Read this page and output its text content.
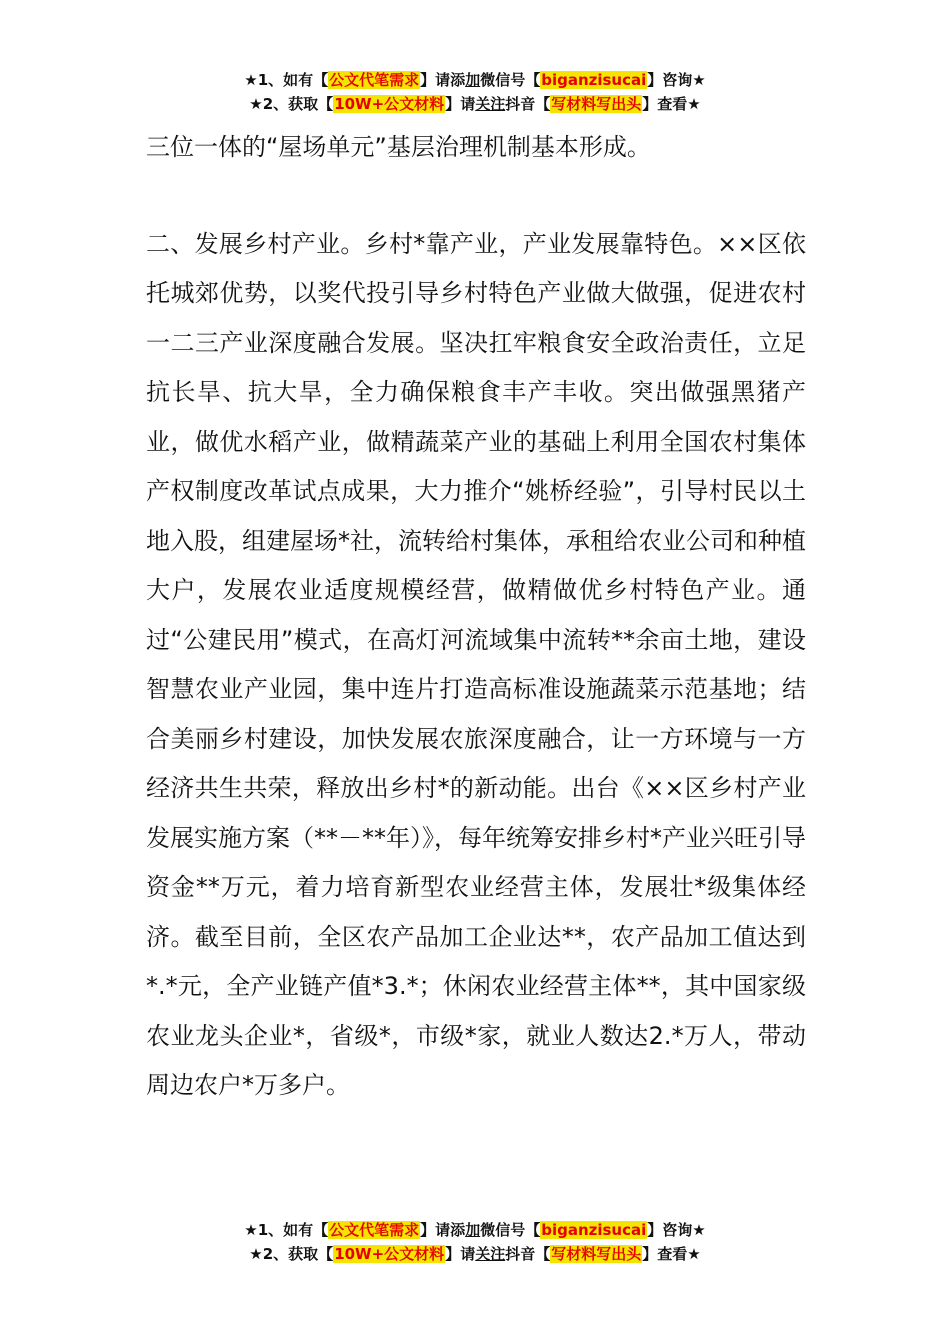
★1、如有【公文代笔需求】请添加微信号【biganzisucai】咨询★
★2、获取【10W+公文材料】请关注抖音【写材料写出头】查看★

三位一体的“屋场单元”基层治理机制基本形成。

二、发展乡村产业。乡村*靠产业，产业发展靠特色。××区依托城郊优势，以奖代投引导乡村特色产业做大做强，促进农村一二三产业深度融合发展。坚决扛牢粮食安全政治责任，立足抗长旱、抗大旱，全力确保粮食丰产丰收。突出做强黑猪产业，做优水稻产业，做精蔬菜产业的基础上利用全国农村集体产权制度改革试点成果，大力推介“姚桥经验”，引导村民以土地入股，组建屋场*社，流转给村集体，承租给农业公司和种植大户，发展农业适度规模经营，做精做优乡村特色产业。通过“公建民用”模式，在高灯河流域集中流转**余亩土地，建设智慧农业产业园，集中连片打造高标准设施蔬菜示范基地；结合美丽乡村建设，加快发展农旅深度融合，让一方环境与一方经济共生共荣，释放出乡村*的新动能。出台《××区乡村产业发展实施方案（**－**年）》，每年统筹安排乡村*产业兴旺引导资金**万元，着力培育新型农业经营主体，发展壮*级集体经济。截至目前，全区农产品加工企业达**，农产品加工值达到*.*元，全产业链产值*3.*；休闲农业经营主体**，其中国家级农业龙头企业*，省级*，市级*家，就业人数达2.*万人，带动周边农户*万多户。

★1、如有【公文代笔需求】请添加微信号【biganzisucai】咨询★
★2、获取【10W+公文材料】请关注抖音【写材料写出头】查看★
